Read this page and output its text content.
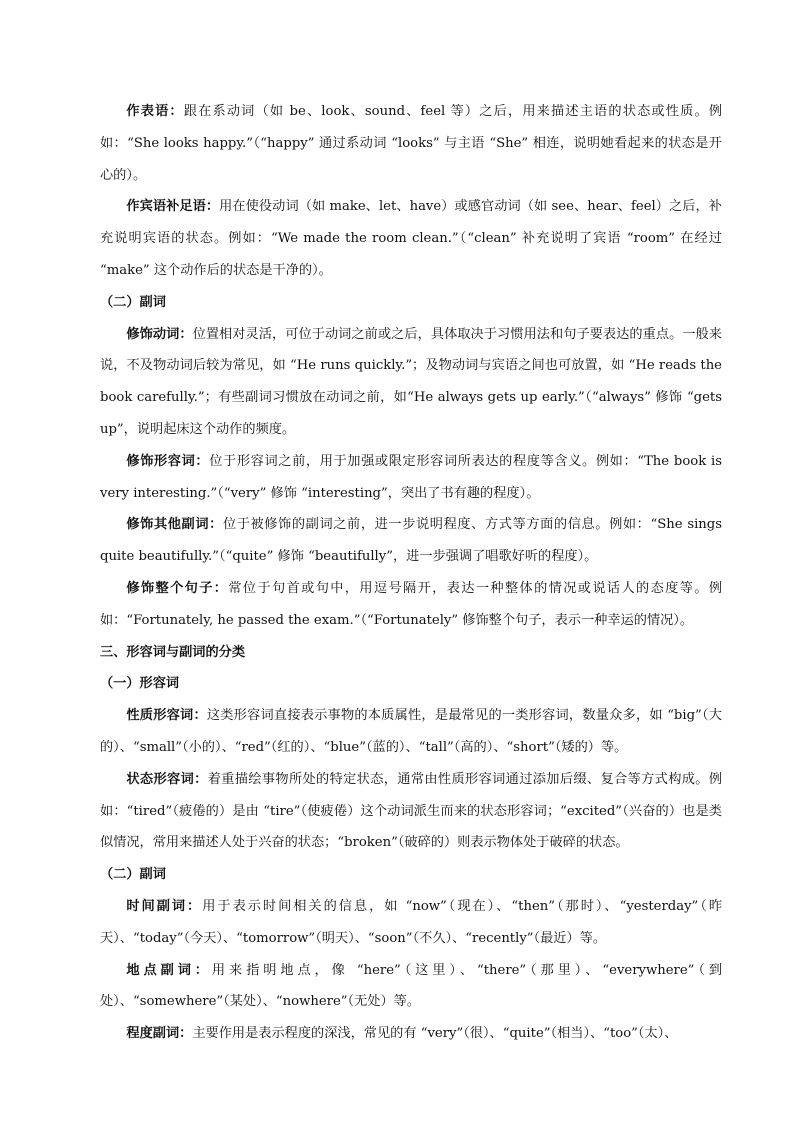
作表语：跟在系动词（如 be、look、sound、feel 等）之后，用来描述主语的状态或性质。例如：“She looks happy.”（“happy” 通过系动词 “looks” 与主语 “She” 相连，说明她看起来的状态是开心的）。

作宾语补足语：用在使役动词（如 make、let、have）或感官动词（如 see、hear、feel）之后，补充说明宾语的状态。例如：“We made the room clean.”（“clean” 补充说明了宾语 “room” 在经过 “make” 这个动作后的状态是干净的）。

（二）副词

修饰动词：位置相对灵活，可位于动词之前或之后，具体取决于习惯用法和句子要表达的重点。一般来说，不及物动词后较为常见，如 “He runs quickly.”；及物动词与宾语之间也可放置，如 “He reads the book carefully.”；有些副词习惯放在动词之前，如“He always gets up early.”（“always” 修饰 “gets up”，说明起床这个动作的频度。

修饰形容词：位于形容词之前，用于加强或限定形容词所表达的程度等含义。例如：“The book is very interesting.”（“very” 修饰 “interesting”，突出了书有趣的程度）。

修饰其他副词：位于被修饰的副词之前，进一步说明程度、方式等方面的信息。例如：“She sings quite beautifully.”（“quite” 修饰 “beautifully”，进一步强调了唱歌好听的程度）。

修饰整个句子：常位于句首或句中，用逗号隔开，表达一种整体的情况或说话人的态度等。例如：“Fortunately, he passed the exam.”（“Fortunately” 修饰整个句子，表示一种幸运的情况）。

三、形容词与副词的分类

（一）形容词

性质形容词：这类形容词直接表示事物的本质属性，是最常见的一类形容词，数量众多，如 “big”（大的）、“small”（小的）、“red”（红的）、“blue”（蓝的）、“tall”（高的）、“short”（矮的）等。

状态形容词：着重描绘事物所处的特定状态，通常由性质形容词通过添加后缀、复合等方式构成。例如：“tired”（疲倦的）是由 “tire”（使疲倦）这个动词派生而来的状态形容词；“excited”（兴奋的）也是类似情况，常用来描述人处于兴奋的状态；“broken”（破碎的）则表示物体处于破碎的状态。

（二）副词

时间副词：用于表示时间相关的信息，如 “now”（现在）、“then”（那时）、“yesterday”（昨天）、“today”（今天）、“tomorrow”（明天）、“soon”（不久）、“recently”（最近）等。

地点副词：用来指明地点，像 “here”（这里）、“there”（那里）、“everywhere”（到处）、“somewhere”（某处）、“nowhere”（无处）等。

程度副词：主要作用是表示程度的深浅，常见的有 “very”（很）、“quite”（相当）、“too”（太）、
